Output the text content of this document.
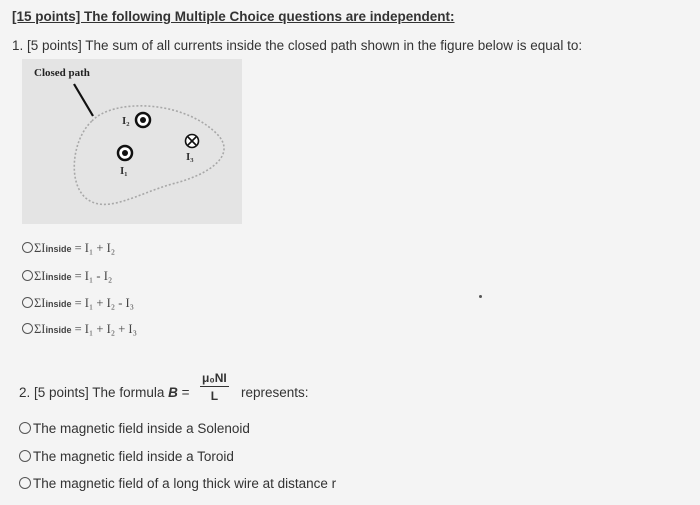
[15 points] The following Multiple Choice questions are independent:
1. [5 points] The sum of all currents inside the closed path shown in the figure below is equal to:
Closed path
I₂
I₁
I₃
ΣIinside = I₁ + I₂
ΣIinside = I₁ - I₂
ΣIinside = I₁ + I₂ - I₃
ΣIinside = I₁ + I₂ + I₃
2. [5 points] The formula $B = \frac{\text{μ₀NI}}{L}$ represents:
The magnetic field inside a Solenoid
The magnetic field inside a Toroid
The magnetic field of a long thick wire at distance r
